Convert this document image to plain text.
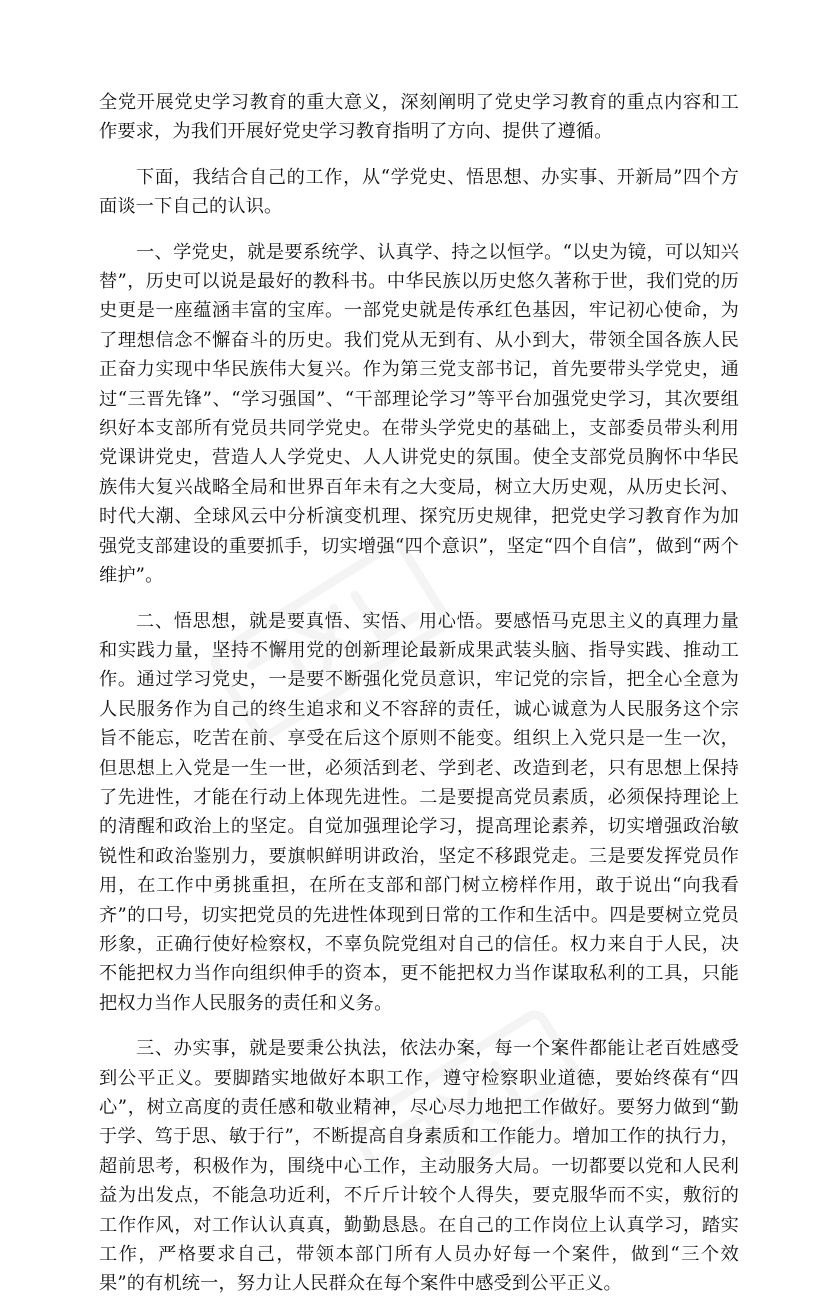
全党开展党史学习教育的重大意义，深刻阐明了党史学习教育的重点内容和工作要求，为我们开展好党史学习教育指明了方向、提供了遵循。

下面，我结合自己的工作，从“学党史、悟思想、办实事、开新局”四个方面谈一下自己的认识。

一、学党史，就是要系统学、认真学、持之以恒学。“以史为镜，可以知兴替”，历史可以说是最好的教科书。中华民族以历史悠久著称于世，我们党的历史更是一座蕴涵丰富的宝库。一部党史就是传承红色基因，牢记初心使命，为了理想信念不懈奋斗的历史。我们党从无到有、从小到大，带领全国各族人民正奋力实现中华民族伟大复兴。作为第三党支部书记，首先要带头学党史，通过“三晋先锋”、“学习强国”、“干部理论学习”等平台加强党史学习，其次要组织好本支部所有党员共同学党史。在带头学党史的基础上，支部委员带头利用党课讲党史，营造人人学党史、人人讲党史的氛围。使全支部党员胸怀中华民族伟大复兴战略全局和世界百年未有之大变局，树立大历史观，从历史长河、时代大潮、全球风云中分析演变机理、探究历史规律，把党史学习教育作为加强党支部建设的重要抓手，切实增强“四个意识”，坚定“四个自信”，做到“两个维护”。

二、悟思想，就是要真悟、实悟、用心悟。要感悟马克思主义的真理力量和实践力量，坚持不懈用党的创新理论最新成果武装头脑、指导实践、推动工作。通过学习党史，一是要不断强化党员意识，牢记党的宗旨，把全心全意为人民服务作为自己的终生追求和义不容辞的责任，诚心诚意为人民服务这个宗旨不能忘，吃苦在前、享受在后这个原则不能变。组织上入党只是一生一次，但思想上入党是一生一世，必须活到老、学到老、改造到老，只有思想上保持了先进性，才能在行动上体现先进性。二是要提高党员素质，必须保持理论上的清醒和政治上的坚定。自觉加强理论学习，提高理论素养，切实增强政治敏锐性和政治鉴别力，要旗帜鲜明讲政治，坚定不移跟党走。三是要发挥党员作用，在工作中勇挑重担，在所在支部和部门树立榜样作用，敢于说出“向我看齐”的口号，切实把党员的先进性体现到日常的工作和生活中。四是要树立党员形象，正确行使好检察权，不辜负院党组对自己的信任。权力来自于人民，决不能把权力当作向组织伸手的资本，更不能把权力当作谋取私利的工具，只能把权力当作人民服务的责任和义务。

三、办实事，就是要秉公执法，依法办案，每一个案件都能让老百姓感受到公平正义。要脚踏实地做好本职工作，遵守检察职业道德，要始终葆有“四心”，树立高度的责任感和敬业精神，尽心尽力地把工作做好。要努力做到“勤于学、笃于思、敏于行”，不断提高自身素质和工作能力。增加工作的执行力，超前思考，积极作为，围绕中心工作，主动服务大局。一切都要以党和人民利益为出发点，不能急功近利，不斤斤计较个人得失，要克服华而不实，敷衍的工作作风，对工作认认真真，勤勤恳恳。在自己的工作岗位上认真学习，踏实工作，严格要求自己，带领本部门所有人员办好每一个案件，做到“三个效果”的有机统一，努力让人民群众在每个案件中感受到公平正义。
